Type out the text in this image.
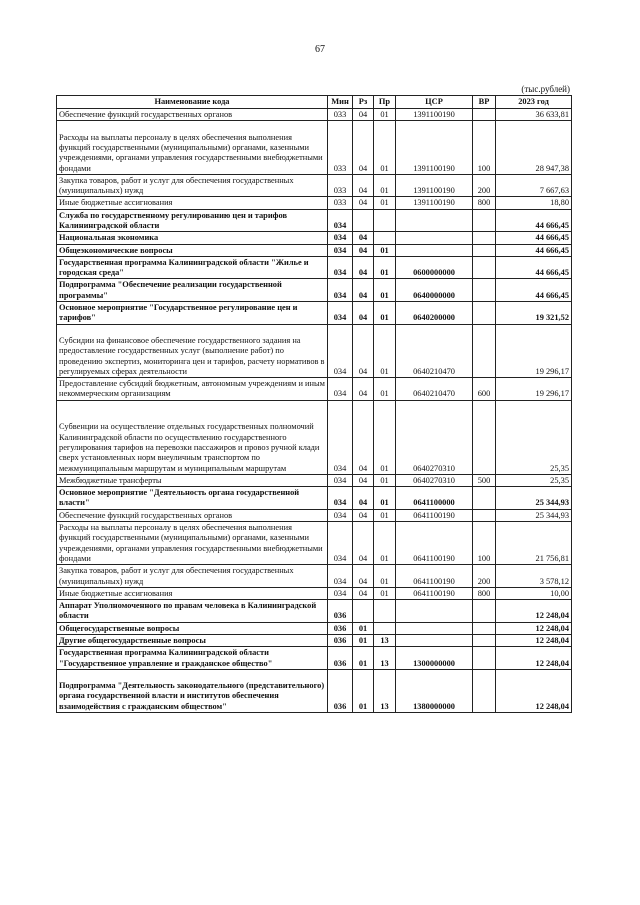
67
(тыс.рублей)
Наименование кода	Мин	Рз	Пр	ЦСР	ВР	2023 год
Обеспечение функций государственных органов	033	04	01	1391100190		36 633,81
Расходы на выплаты персоналу в целях обеспечения выполнения функций государственными (муниципальными) органами, казенными учреждениями, органами управления государственными внебюджетными фондами	033	04	01	1391100190	100	28 947,38
Закупка товаров, работ и услуг для обеспечения государственных (муниципальных) нужд	033	04	01	1391100190	200	7 667,63
Иные бюджетные ассигнования	033	04	01	1391100190	800	18,80
Служба по государственному регулированию цен и тарифов Калининградской области	034					44 666,45
Национальная экономика	034	04				44 666,45
Общеэкономические вопросы	034	04	01			44 666,45
Государственная программа Калининградской области "Жилье и городская среда"	034	04	01	0600000000		44 666,45
Подпрограмма "Обеспечение реализации государственной программы"	034	04	01	0640000000		44 666,45
Основное мероприятие "Государственное регулирование цен и тарифов"	034	04	01	0640200000		19 321,52
Субсидии на финансовое обеспечение государственного задания на предоставление государственных услуг (выполнение работ) по проведению экспертиз, мониторинга цен и тарифов, расчету нормативов в регулируемых сферах деятельности	034	04	01	0640210470		19 296,17
Предоставление субсидий бюджетным, автономным учреждениям и иным некоммерческим организациям	034	04	01	0640210470	600	19 296,17
Субвенции на осуществление отдельных государственных полномочий Калининградской области по осуществлению государственного регулирования тарифов на перевозки пассажиров и провоз ручной клади сверх установленных норм внеуличным транспортом по межмуниципальным маршрутам и муниципальным маршрутам	034	04	01	0640270310		25,35
Межбюджетные трансферты	034	04	01	0640270310	500	25,35
Основное мероприятие "Деятельность органа государственной власти"	034	04	01	0641100000		25 344,93
Обеспечение функций государственных органов	034	04	01	0641100190		25 344,93
Расходы на выплаты персоналу в целях обеспечения выполнения функций государственными (муниципальными) органами, казенными учреждениями, органами управления государственными внебюджетными фондами	034	04	01	0641100190	100	21 756,81
Закупка товаров, работ и услуг для обеспечения государственных (муниципальных) нужд	034	04	01	0641100190	200	3 578,12
Иные бюджетные ассигнования	034	04	01	0641100190	800	10,00
Аппарат Уполномоченного по правам человека в Калининградской области	036					12 248,04
Общегосударственные вопросы	036	01				12 248,04
Другие общегосударственные вопросы	036	01	13			12 248,04
Государственная программа Калининградской области "Государственное управление и гражданское общество"	036	01	13	1300000000		12 248,04
Подпрограмма "Деятельность законодательного (представительного) органа государственной власти и институтов обеспечения взаимодействия с гражданским обществом"	036	01	13	1380000000		12 248,04
